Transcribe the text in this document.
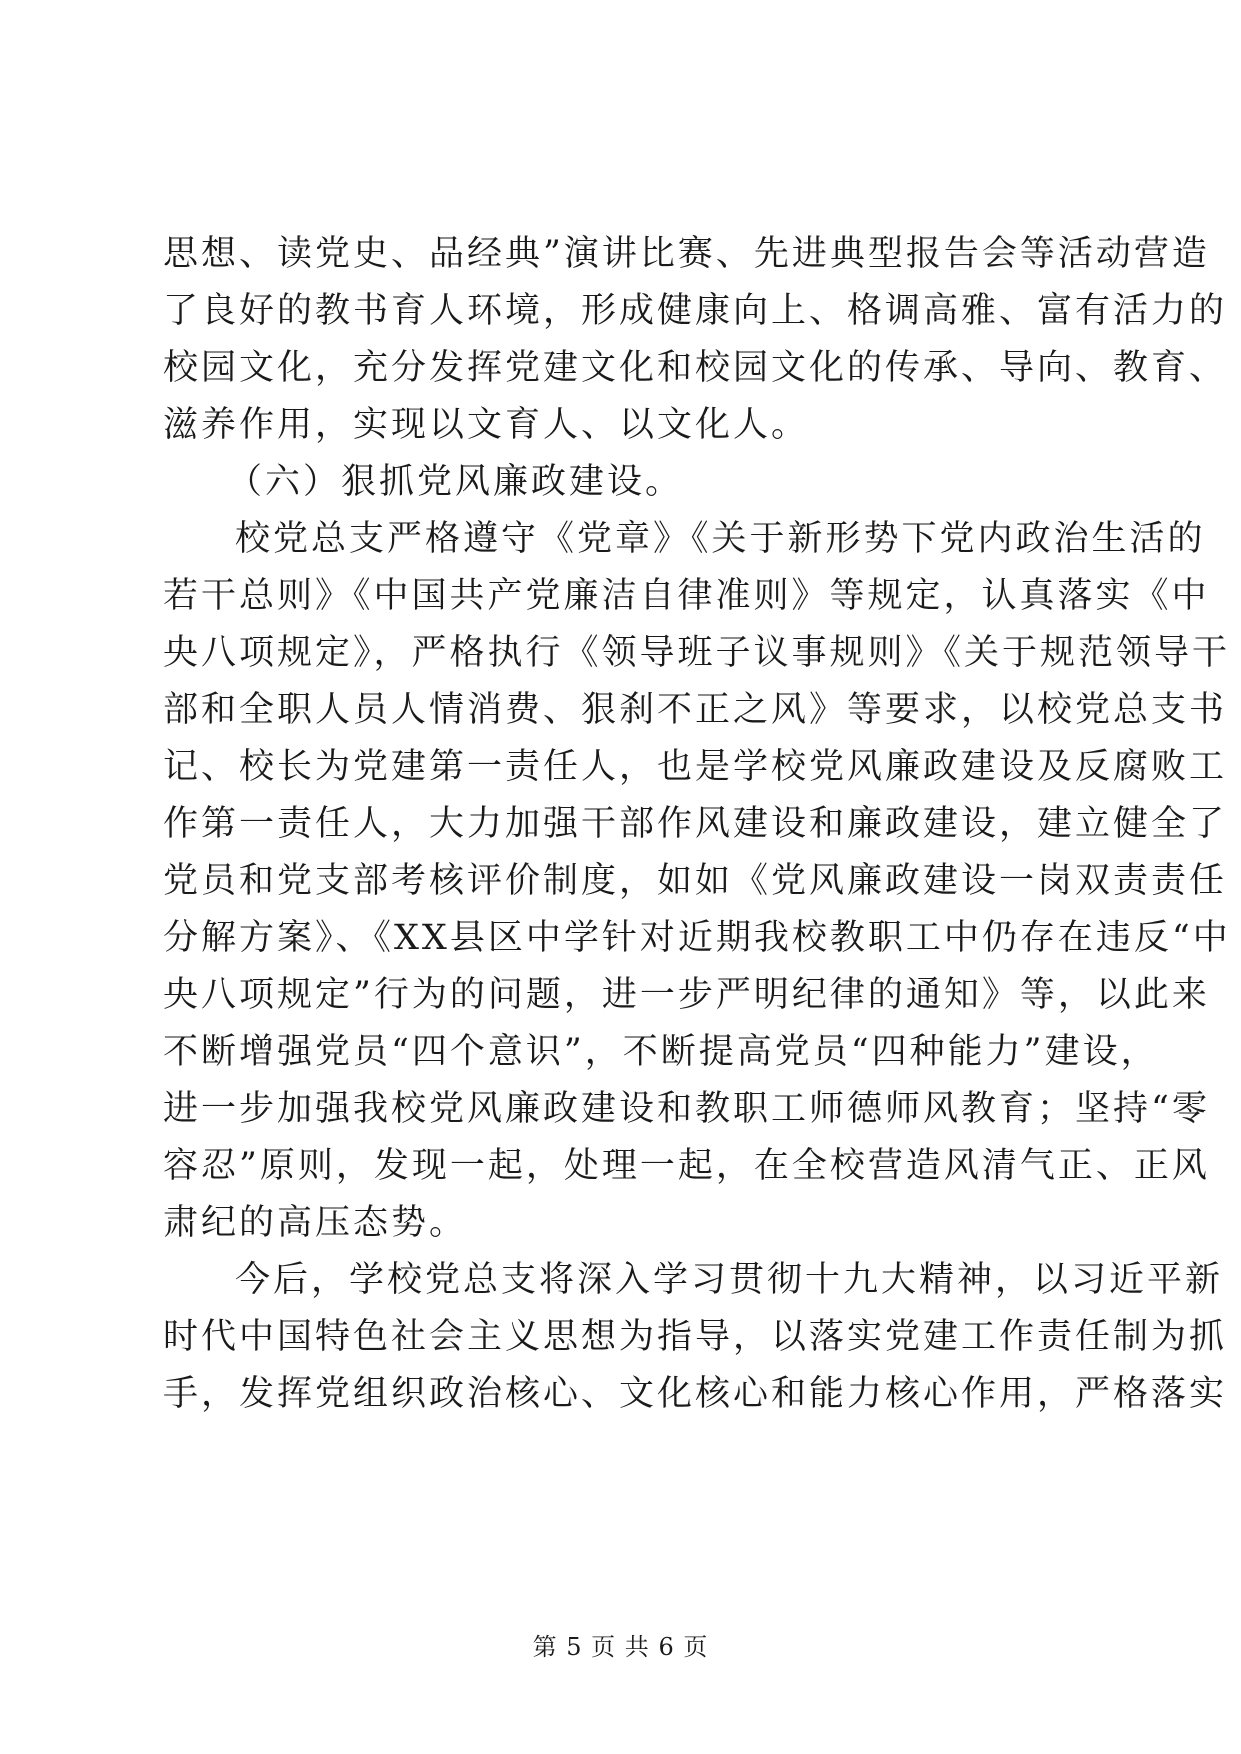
思想、读党史、品经典”演讲比赛、先进典型报告会等活动营造
了良好的教书育人环境，形成健康向上、格调高雅、富有活力的
校园文化，充分发挥党建文化和校园文化的传承、导向、教育、
滋养作用，实现以文育人、以文化人。
（六）狠抓党风廉政建设。
校党总支严格遵守《党章》《关于新形势下党内政治生活的
若干总则》《中国共产党廉洁自律准则》等规定，认真落实《中
央八项规定》，严格执行《领导班子议事规则》《关于规范领导干
部和全职人员人情消费、狠刹不正之风》等要求，以校党总支书
记、校长为党建第一责任人，也是学校党风廉政建设及反腐败工
作第一责任人，大力加强干部作风建设和廉政建设，建立健全了
党员和党支部考核评价制度，如如《党风廉政建设一岗双责责任
分解方案》、《XX县区中学针对近期我校教职工中仍存在违反“中
央八项规定”行为的问题，进一步严明纪律的通知》等，以此来
不断增强党员“四个意识”，不断提高党员“四种能力”建设，
进一步加强我校党风廉政建设和教职工师德师风教育；坚持“零
容忍”原则，发现一起，处理一起，在全校营造风清气正、正风
肃纪的高压态势。
今后，学校党总支将深入学习贯彻十九大精神，以习近平新
时代中国特色社会主义思想为指导，以落实党建工作责任制为抓
手，发挥党组织政治核心、文化核心和能力核心作用，严格落实
第 5 页 共 6 页
